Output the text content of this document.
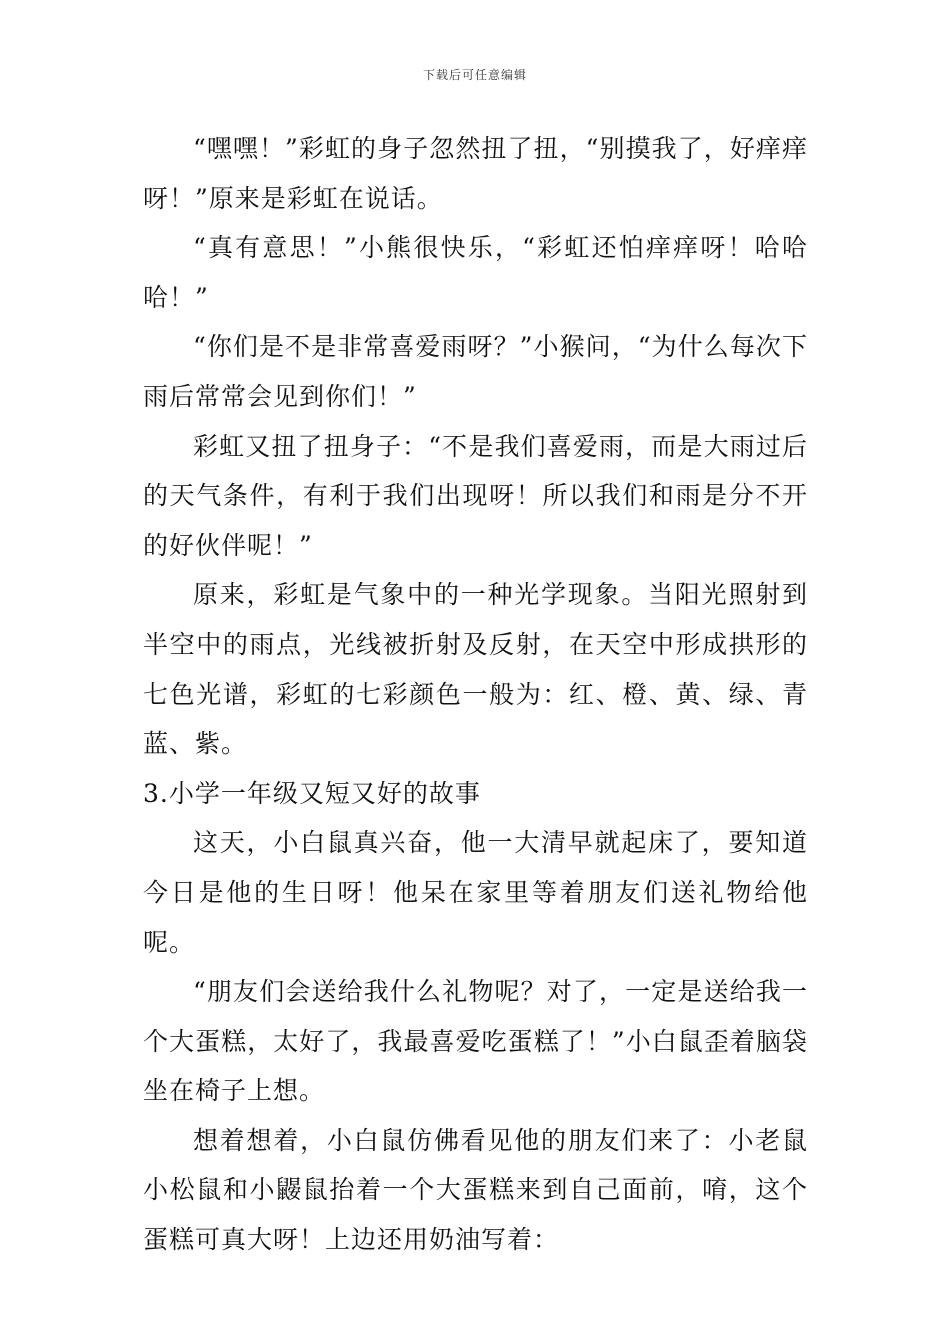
下载后可任意编辑

“嘿嘿！”彩虹的身子忽然扭了扭，“别摸我了，好痒痒呀！”原来是彩虹在说话。

“真有意思！”小熊很快乐，“彩虹还怕痒痒呀！哈哈哈！”

“你们是不是非常喜爱雨呀？”小猴问，“为什么每次下雨后常常会见到你们！”

彩虹又扭了扭身子：“不是我们喜爱雨，而是大雨过后的天气条件，有利于我们出现呀！所以我们和雨是分不开的好伙伴呢！”

原来，彩虹是气象中的一种光学现象。当阳光照射到半空中的雨点，光线被折射及反射，在天空中形成拱形的七色光谱，彩虹的七彩颜色一般为：红、橙、黄、绿、青蓝、紫。

3.小学一年级又短又好的故事

这天，小白鼠真兴奋，他一大清早就起床了，要知道今日是他的生日呀！他呆在家里等着朋友们送礼物给他呢。

“朋友们会送给我什么礼物呢？对了，一定是送给我一个大蛋糕，太好了，我最喜爱吃蛋糕了！”小白鼠歪着脑袋坐在椅子上想。

想着想着，小白鼠仿佛看见他的朋友们来了：小老鼠小松鼠和小鼹鼠抬着一个大蛋糕来到自己面前，唷，这个蛋糕可真大呀！上边还用奶油写着：
